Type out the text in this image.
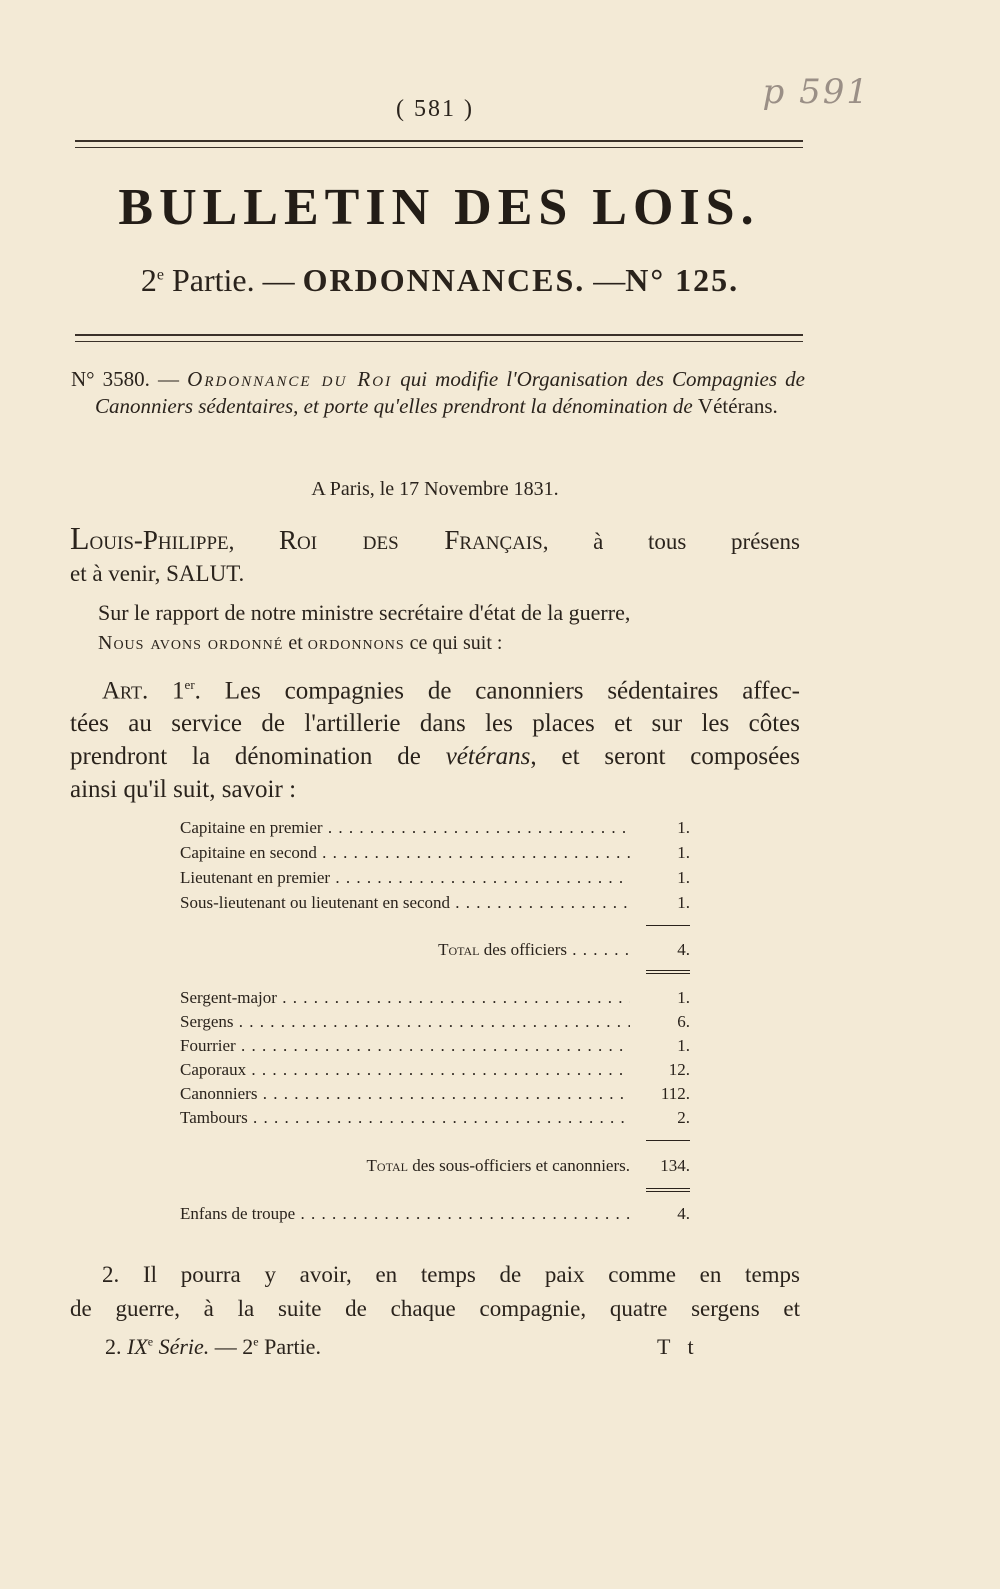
p 591
( 581 )
BULLETIN DES LOIS.
2e Partie. — ORDONNANCES. —N° 125.
N° 3580. — Ordonnance du Roi qui modifie l'Organisation des Compagnies de Canonniers sédentaires, et porte qu'elles prendront la dénomination de Vétérans.
A Paris, le 17 Novembre 1831.
Louis-Philippe, Roi des Français, à tous présens
et à venir, SALUT.
Sur le rapport de notre ministre secrétaire d'état de la guerre,
Nous avons ordonné et ordonnons ce qui suit :
Art. 1er. Les compagnies de canonniers sédentaires affec-
tées au service de l'artillerie dans les places et sur les côtes
prendront la dénomination de vétérans, et seront composées
ainsi qu'il suit, savoir :
Capitaine en premier . . .	1.
Capitaine en second . . .	1.
Lieutenant en premier . . .	1.
Sous-lieutenant ou lieutenant en second . . .	1.
Total des officiers . . . . . .	4.
Sergent-major . . .	1.
Sergens . . .	6.
Fourrier . . .	1.
Caporaux . . .	12.
Canonniers . . .	112.
Tambours . . .	2.
Total des sous-officiers et canonniers.	134.
Enfans de troupe . . .	4.
2. Il pourra y avoir, en temps de paix comme en temps
de guerre, à la suite de chaque compagnie, quatre sergens et
2. IXe Série. — 2e Partie.	T t
